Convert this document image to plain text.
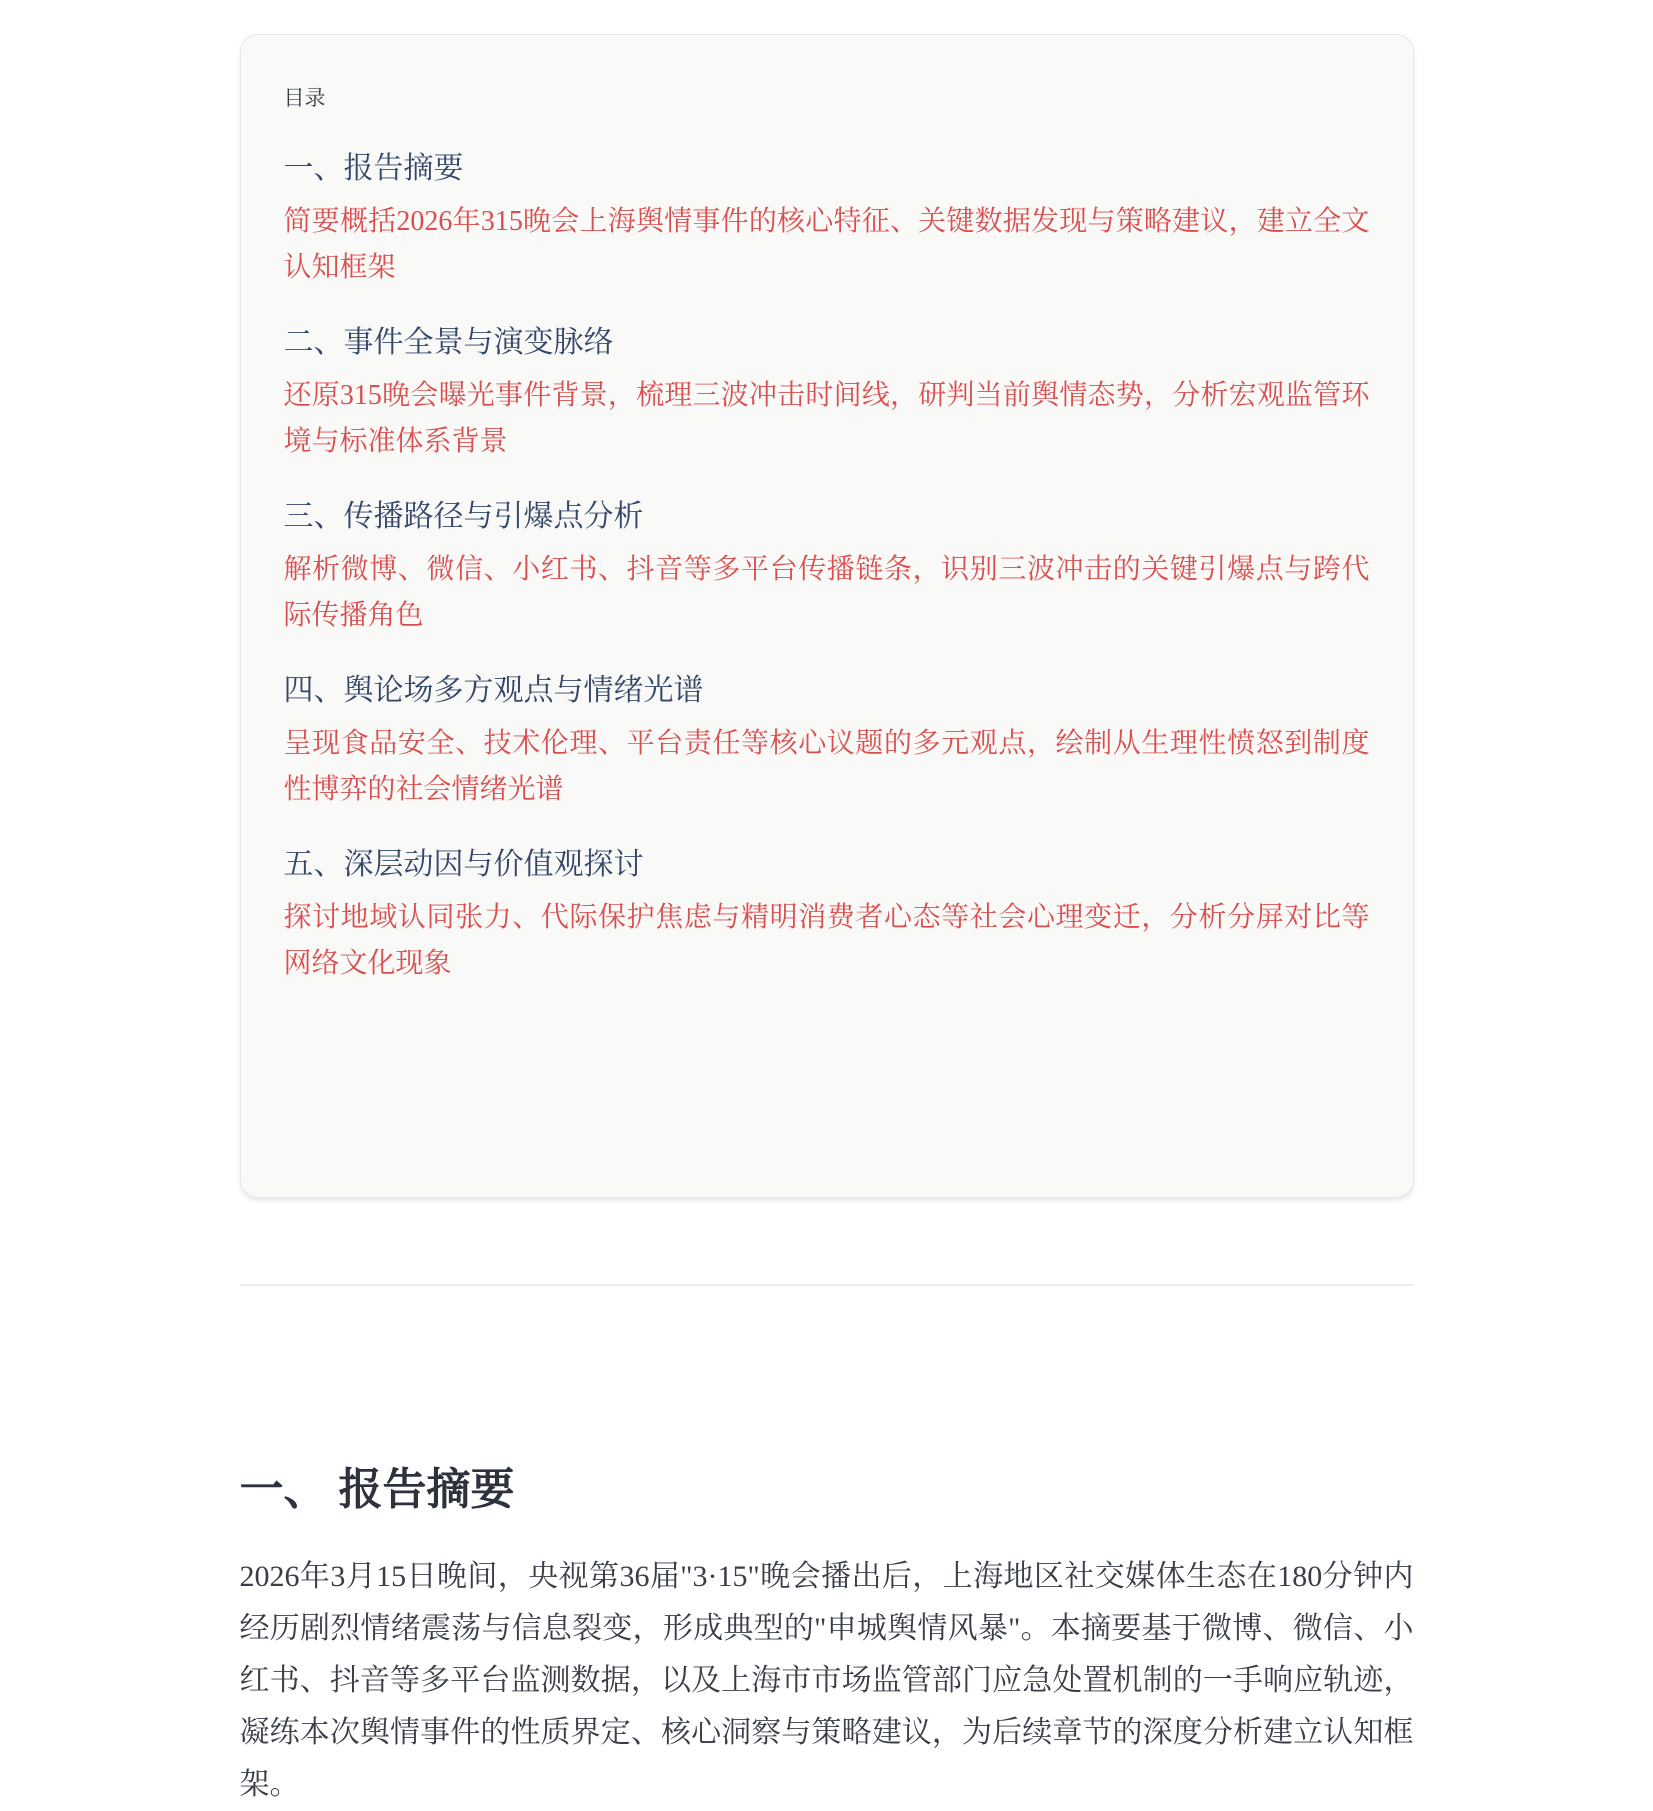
目录
一、报告摘要
简要概括2026年315晚会上海舆情事件的核心特征、关键数据发现与策略建议，建立全文认知框架
二、事件全景与演变脉络
还原315晚会曝光事件背景，梳理三波冲击时间线，研判当前舆情态势，分析宏观监管环境与标准体系背景
三、传播路径与引爆点分析
解析微博、微信、小红书、抖音等多平台传播链条，识别三波冲击的关键引爆点与跨代际传播角色
四、舆论场多方观点与情绪光谱
呈现食品安全、技术伦理、平台责任等核心议题的多元观点，绘制从生理性愤怒到制度性博弈的社会情绪光谱
五、深层动因与价值观探讨
探讨地域认同张力、代际保护焦虑与精明消费者心态等社会心理变迁，分析分屏对比等网络文化现象
一、 报告摘要

2026年3月15日晚间，央视第36届"3·15"晚会播出后，上海地区社交媒体生态在180分钟内经历剧烈情绪震荡与信息裂变，形成典型的"申城舆情风暴"。本摘要基于微博、微信、小红书、抖音等多平台监测数据，以及上海市市场监管部门应急处置机制的一手响应轨迹，凝练本次舆情事件的性质界定、核心洞察与策略建议，为后续章节的深度分析建立认知框架。
